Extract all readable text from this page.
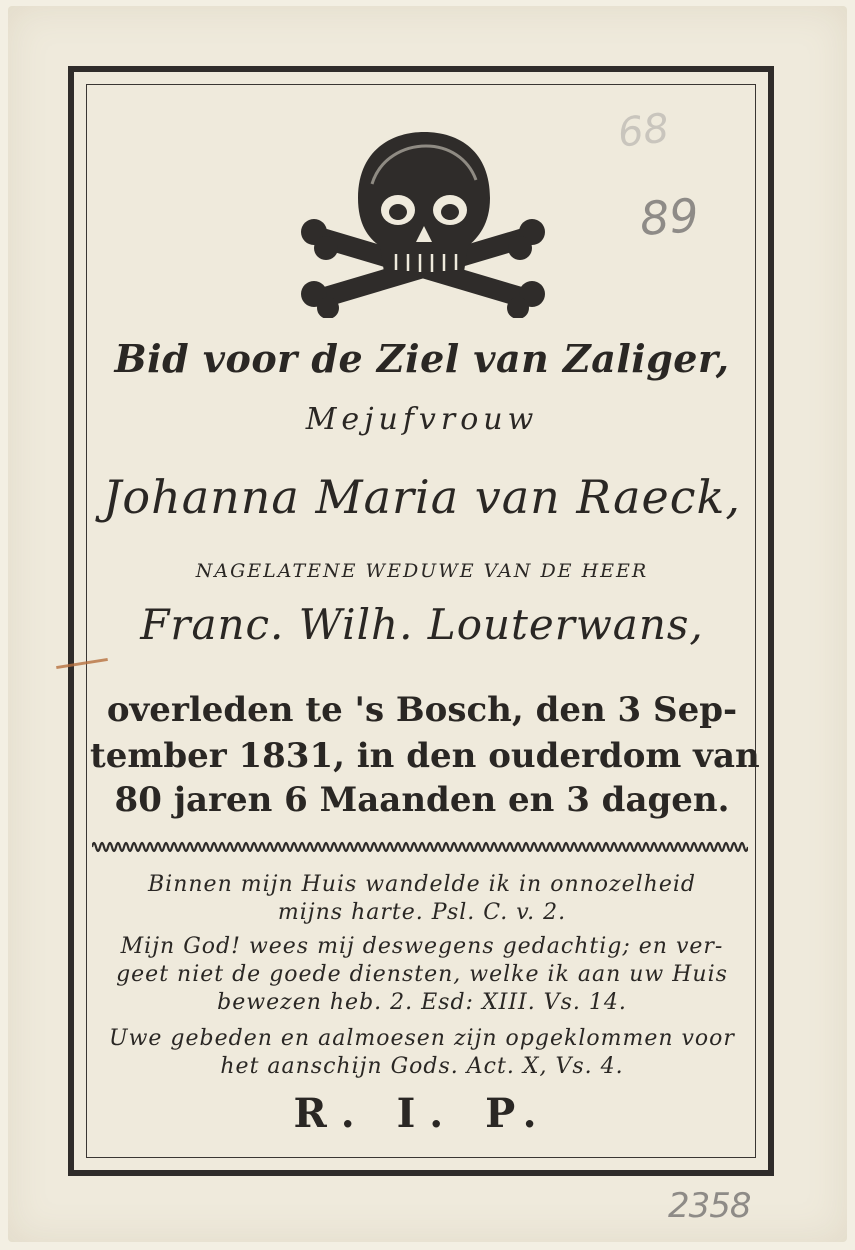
68
89
Bid voor de Ziel van Zaliger,
Mejufvrouw
Johanna Maria van Raeck,
NAGELATENE WEDUWE VAN DE HEER
Franc. Wilh. Louterwans,
overleden te 's Bosch, den 3 Sep-
tember 1831, in den ouderdom van
80 jaren 6 Maanden en 3 dagen.
Binnen mijn Huis wandelde ik in onnozelheid
mijns harte. Psl. C. v. 2.
Mijn God! wees mij deswegens gedachtig; en ver-
geet niet de goede diensten, welke ik aan uw Huis
bewezen heb. 2. Esd: XIII. Vs. 14.
Uwe gebeden en aalmoesen zijn opgeklommen voor
het aanschijn Gods. Act. X, Vs. 4.
R. I. P.
2358
